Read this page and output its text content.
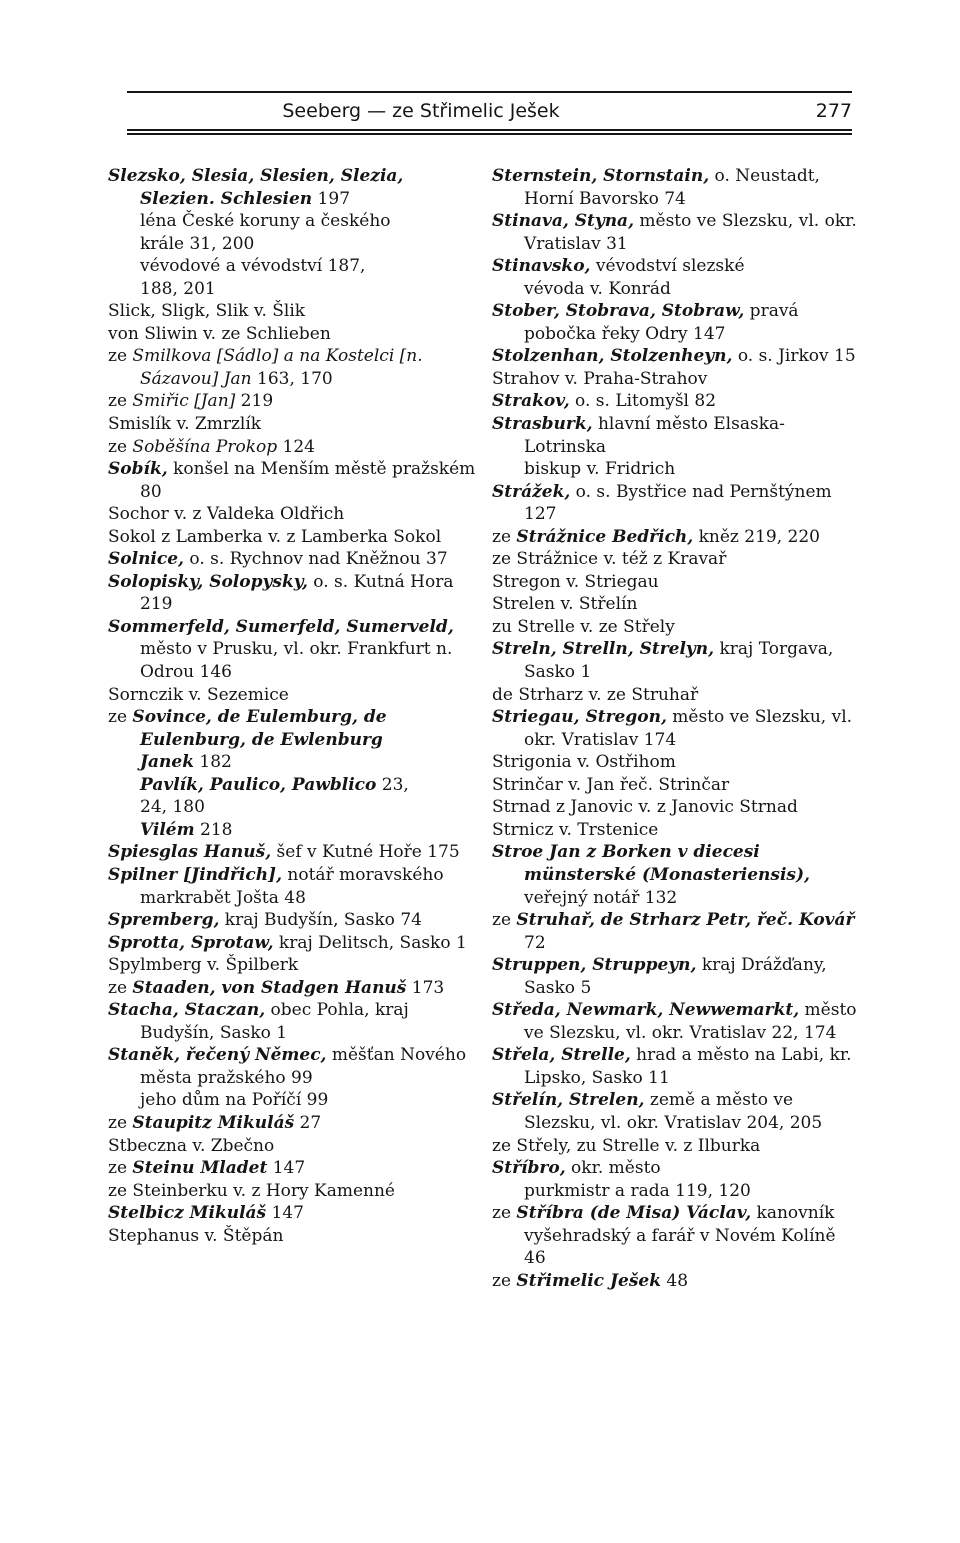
Seeberg — ze Střimelic Ješek	277
Slezsko, Slesia, Slesien, Slezia, Slezien. Schlesien 197
léna České koruny a českého
krále 31, 200
vévodové a vévodství 187,
188, 201
Slick, Sligk, Slik v. Šlik
von Sliwin v. ze Schlieben
ze Smilkova [Sádlo] a na Kostelci [n. Sázavou] Jan 163, 170
ze Smiřic [Jan] 219
Smislík v. Zmrzlík
ze Soběšína Prokop 124
Sobík, konšel na Menším městě pražském 80
Sochor v. z Valdeka Oldřich
Sokol z Lamberka v. z Lamberka Sokol
Solnice, o. s. Rychnov nad Kněžnou 37
Solopisky, Solopysky, o. s. Kutná Hora 219
Sommerfeld, Sumerfeld, Sumerveld, město v Prusku, vl. okr. Frankfurt n. Odrou 146
Sornczik v. Sezemice
ze Sovince, de Eulemburg, de Eulenburg, de Ewlenburg
Janek 182
Pavlík, Paulico, Pawblico 23,
24, 180
Vilém 218
Spiesglas Hanuš, šef v Kutné Hoře 175
Spilner [Jindřich], notář moravského markrabět Jošta 48
Spremberg, kraj Budyšín, Sasko 74
Sprotta, Sprotaw, kraj Delitsch, Sasko 1
Spylmberg v. Špilberk
ze Staaden, von Stadgen Hanuš 173
Stacha, Staczan, obec Pohla, kraj Budyšín, Sasko 1
Staněk, řečený Němec, měšťan Nového města pražského 99
jeho dům na Poříčí 99
ze Staupitz Mikuláš 27
Stbeczna v. Zbečno
ze Steinu Mladet 147
ze Steinberku v. z Hory Kamenné
Stelbicz Mikuláš 147
Stephanus v. Štěpán
Sternstein, Stornstain, o. Neustadt, Horní Bavorsko 74
Stinava, Styna, město ve Slezsku, vl. okr. Vratislav 31
Stinavsko, vévodství slezské
vévoda v. Konrád
Stober, Stobrava, Stobraw, pravá pobočka řeky Odry 147
Stolzenhan, Stolzenheyn, o. s. Jirkov 15
Strahov v. Praha-Strahov
Strakov, o. s. Litomyšl 82
Strasburk, hlavní město Elsaska-Lotrinska
biskup v. Fridrich
Strážek, o. s. Bystřice nad Pernštýnem 127
ze Strážnice Bedřich, kněz 219, 220
ze Strážnice v. též z Kravař
Stregon v. Striegau
Strelen v. Střelín
zu Strelle v. ze Střely
Streln, Strelln, Strelyn, kraj Torgava, Sasko 1
de Strharz v. ze Struhař
Striegau, Stregon, město ve Slezsku, vl. okr. Vratislav 174
Strigonia v. Ostřihom
Strinčar v. Jan řeč. Strinčar
Strnad z Janovic v. z Janovic Strnad
Strnicz v. Trstenice
Stroe Jan z Borken v diecesi münsterské (Monasteriensis), veřejný notář 132
ze Struhař, de Strharz Petr, řeč. Kovář 72
Struppen, Struppeyn, kraj Drážďany, Sasko 5
Středa, Newmark, Newwemarkt, město ve Slezsku, vl. okr. Vratislav 22, 174
Střela, Strelle, hrad a město na Labi, kr. Lipsko, Sasko 11
Střelín, Strelen, země a město ve Slezsku, vl. okr. Vratislav 204, 205
ze Střely, zu Strelle v. z Ilburka
Stříbro, okr. město
purkmistr a rada 119, 120
ze Stříbra (de Misa) Václav, kanovník vyšehradský a farář v Novém Kolíně 46
ze Střimelic Ješek 48
